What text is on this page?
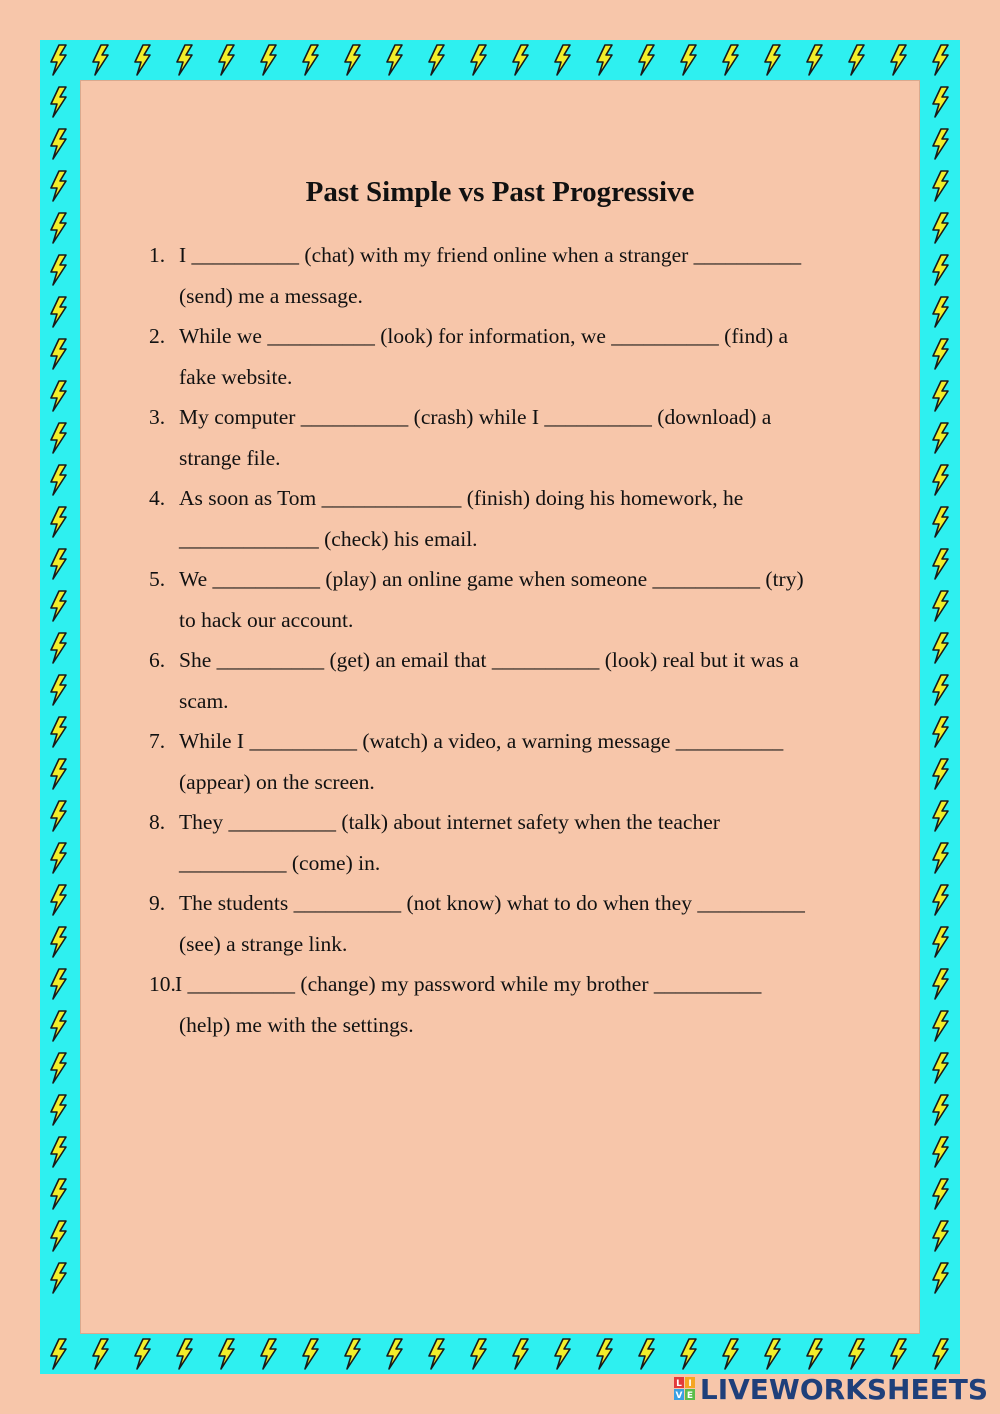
Past Simple vs Past Progressive
1. I __________ (chat) with my friend online when a stranger __________
(send) me a message.
2. While we __________ (look) for information, we __________ (find) a
fake website.
3. My computer __________ (crash) while I __________ (download) a
strange file.
4. As soon as Tom _____________ (finish) doing his homework, he
_____________ (check) his email.
5. We __________ (play) an online game when someone __________ (try)
to hack our account.
6. She __________ (get) an email that __________ (look) real but it was a
scam.
7. While I __________ (watch) a video, a warning message __________
(appear) on the screen.
8. They __________ (talk) about internet safety when the teacher
__________ (come) in.
9. The students __________ (not know) what to do when they __________
(see) a strange link.
10. I __________ (change) my password while my brother __________
(help) me with the settings.
L I
V E LIVEWORKSHEETS
